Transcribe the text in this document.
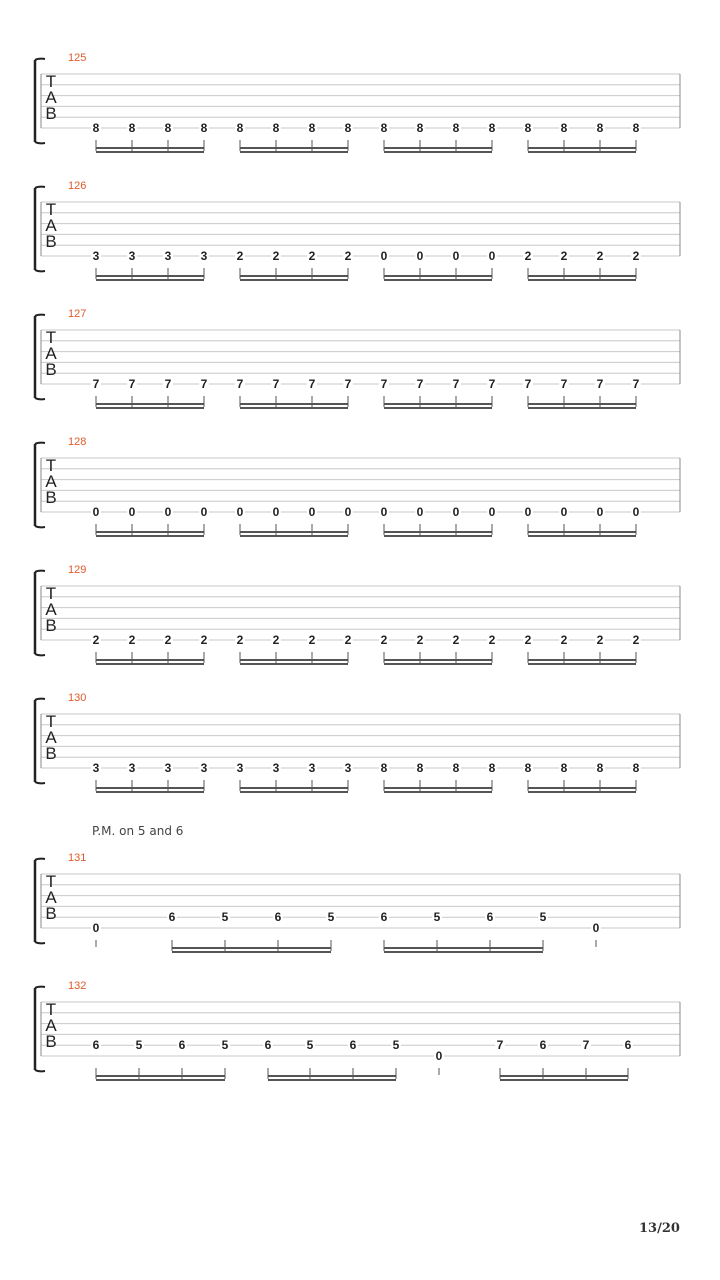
125
T
A
B
8 8 8 8 8 8 8 8 8 8 8 8 8 8 8 8
126
T
A
B
3 3 3 3 2 2 2 2 0 0 0 0 2 2 2 2
127
T
A
B
7 7 7 7 7 7 7 7 7 7 7 7 7 7 7 7
128
T
A
B
0 0 0 0 0 0 0 0 0 0 0 0 0 0 0 0
129
T
A
B
2 2 2 2 2 2 2 2 2 2 2 2 2 2 2 2
130
T
A
B
3 3 3 3 3 3 3 3 8 8 8 8 8 8 8 8
131
T
A
B
0
6	5	6	5	6	5	6	5
0
132
T
A
B	6	5	6	5	6	5	6	5
0
7	6	7	6
P.M. on 5 and 6
13/20
